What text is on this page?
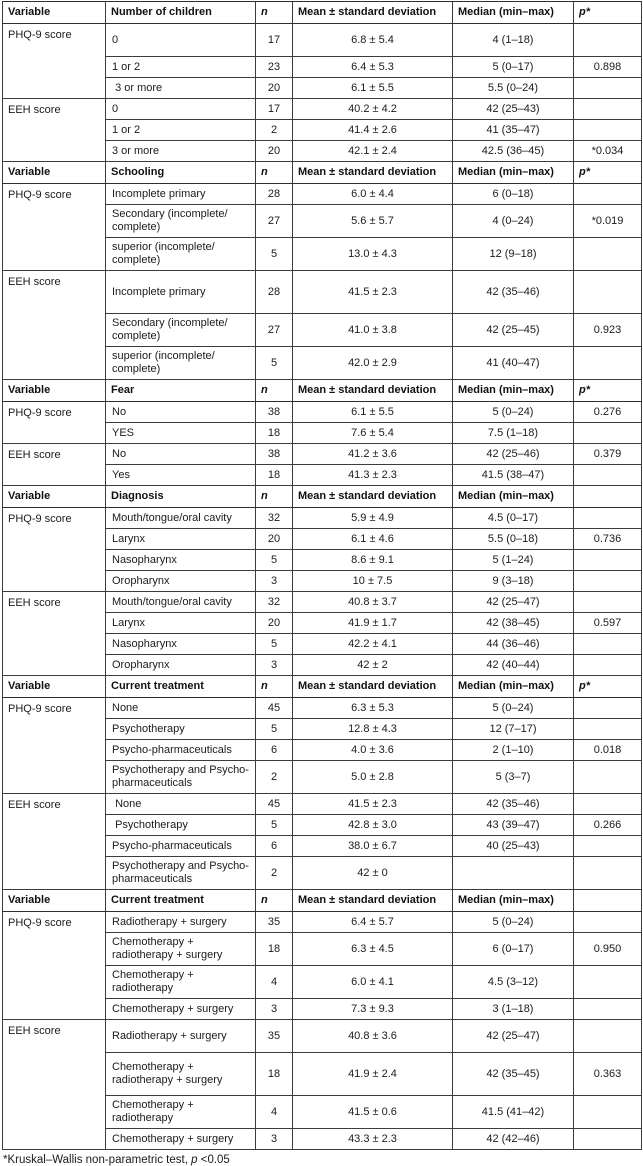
Variable	Number of children	n	Mean ± standard deviation	Median (min–max)	p*
PHQ-9 score	0	17	6.8 ± 5.4	4 (1–18)	
	1 or 2	23	6.4 ± 5.3	5 (0–17)	0.898
	3 or more	20	6.1 ± 5.5	5.5 (0–24)	
EEH score	0	17	40.2 ± 4.2	42 (25–43)	
	1 or 2	2	41.4 ± 2.6	41 (35–47)	
	3 or more	20	42.1 ± 2.4	42.5 (36–45)	*0.034
Variable	Schooling	n	Mean ± standard deviation	Median (min–max)	p*
PHQ-9 score	Incomplete primary	28	6.0 ± 4.4	6 (0–18)	
	Secondary (incomplete/ complete)	27	5.6 ± 5.7	4 (0–24)	*0.019
	superior (incomplete/ complete)	5	13.0 ± 4.3	12 (9–18)	
EEH score	Incomplete primary	28	41.5 ± 2.3	42 (35–46)	
	Secondary (incomplete/ complete)	27	41.0 ± 3.8	42 (25–45)	0.923
	superior (incomplete/ complete)	5	42.0 ± 2.9	41 (40–47)	
Variable	Fear	n	Mean ± standard deviation	Median (min–max)	p*
PHQ-9 score	No	38	6.1 ± 5.5	5 (0–24)	0.276
	YES	18	7.6 ± 5.4	7.5 (1–18)	
EEH score	No	38	41.2 ± 3.6	42 (25–46)	0.379
	Yes	18	41.3 ± 2.3	41.5 (38–47)	
Variable	Diagnosis	n	Mean ± standard deviation	Median (min–max)	
PHQ-9 score	Mouth/tongue/oral cavity	32	5.9 ± 4.9	4.5 (0–17)	
	Larynx	20	6.1 ± 4.6	5.5 (0–18)	0.736
	Nasopharynx	5	8.6 ± 9.1	5 (1–24)	
	Oropharynx	3	10 ± 7.5	9 (3–18)	
EEH score	Mouth/tongue/oral cavity	32	40.8 ± 3.7	42 (25–47)	
	Larynx	20	41.9 ± 1.7	42 (38–45)	0.597
	Nasopharynx	5	42.2 ± 4.1	44 (36–46)	
	Oropharynx	3	42 ± 2	42 (40–44)	
Variable	Current treatment	n	Mean ± standard deviation	Median (min–max)	p*
PHQ-9 score	None	45	6.3 ± 5.3	5 (0–24)	
	Psychotherapy	5	12.8 ± 4.3	12 (7–17)	
	Psycho-pharmaceuticals	6	4.0 ± 3.6	2 (1–10)	0.018
	Psychotherapy and Psycho-pharmaceuticals	2	5.0 ± 2.8	5 (3–7)	
EEH score	None	45	41.5 ± 2.3	42 (35–46)	
	Psychotherapy	5	42.8 ± 3.0	43 (39–47)	0.266
	Psycho-pharmaceuticals	6	38.0 ± 6.7	40 (25–43)	
	Psychotherapy and Psycho-pharmaceuticals	2	42 ± 0		
Variable	Current treatment	n	Mean ± standard deviation	Median (min–max)	
PHQ-9 score	Radiotherapy + surgery	35	6.4 ± 5.7	5 (0–24)	
	Chemotherapy + radiotherapy + surgery	18	6.3 ± 4.5	6 (0–17)	0.950
	Chemotherapy + radiotherapy	4	6.0 ± 4.1	4.5 (3–12)	
	Chemotherapy + surgery	3	7.3 ± 9.3	3 (1–18)	
EEH score	Radiotherapy + surgery	35	40.8 ± 3.6	42 (25–47)	
	Chemotherapy + radiotherapy + surgery	18	41.9 ± 2.4	42 (35–45)	0.363
	Chemotherapy + radiotherapy	4	41.5 ± 0.6	41.5 (41–42)	
	Chemotherapy + surgery	3	43.3 ± 2.3	42 (42–46)	
*Kruskal–Wallis non-parametric test, p <0.05
